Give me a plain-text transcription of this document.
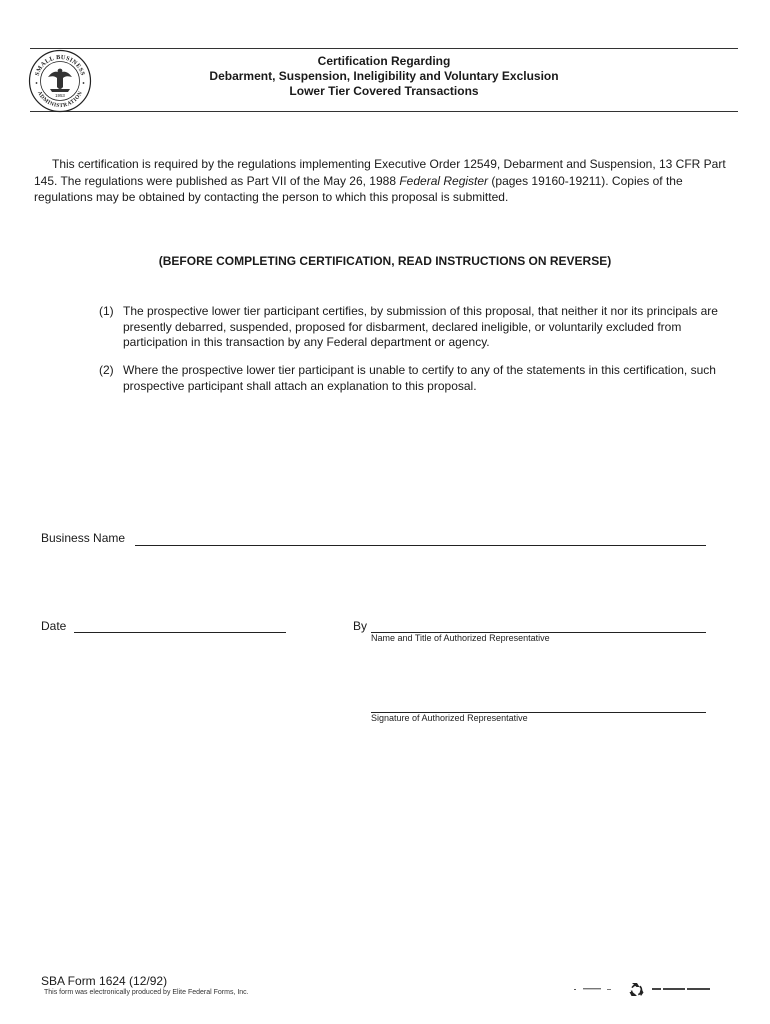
SMALL BUSINESS
ADMINISTRATION
1953
Certification Regarding
Debarment, Suspension, Ineligibility and Voluntary Exclusion
Lower Tier Covered Transactions
This certification is required by the regulations implementing Executive Order 12549, Debarment and Suspension, 13 CFR Part 145. The regulations were published as Part VII of the May 26, 1988 Federal Register (pages 19160-19211). Copies of the regulations may be obtained by contacting the person to which this proposal is submitted.
(BEFORE COMPLETING CERTIFICATION, READ INSTRUCTIONS ON REVERSE)
(1) The prospective lower tier participant certifies, by submission of this proposal, that neither it nor its principals are presently debarred, suspended, proposed for disbarment, declared ineligible, or voluntarily excluded from participation in this transaction by any Federal department or agency.
(2) Where the prospective lower tier participant is unable to certify to any of the statements in this certification, such prospective participant shall attach an explanation to this proposal.
Business Name
Date	By
Name and Title of Authorized Representative
Signature of Authorized Representative
SBA Form 1624 (12/92)
This form was electronically produced by Elite Federal Forms, Inc.
